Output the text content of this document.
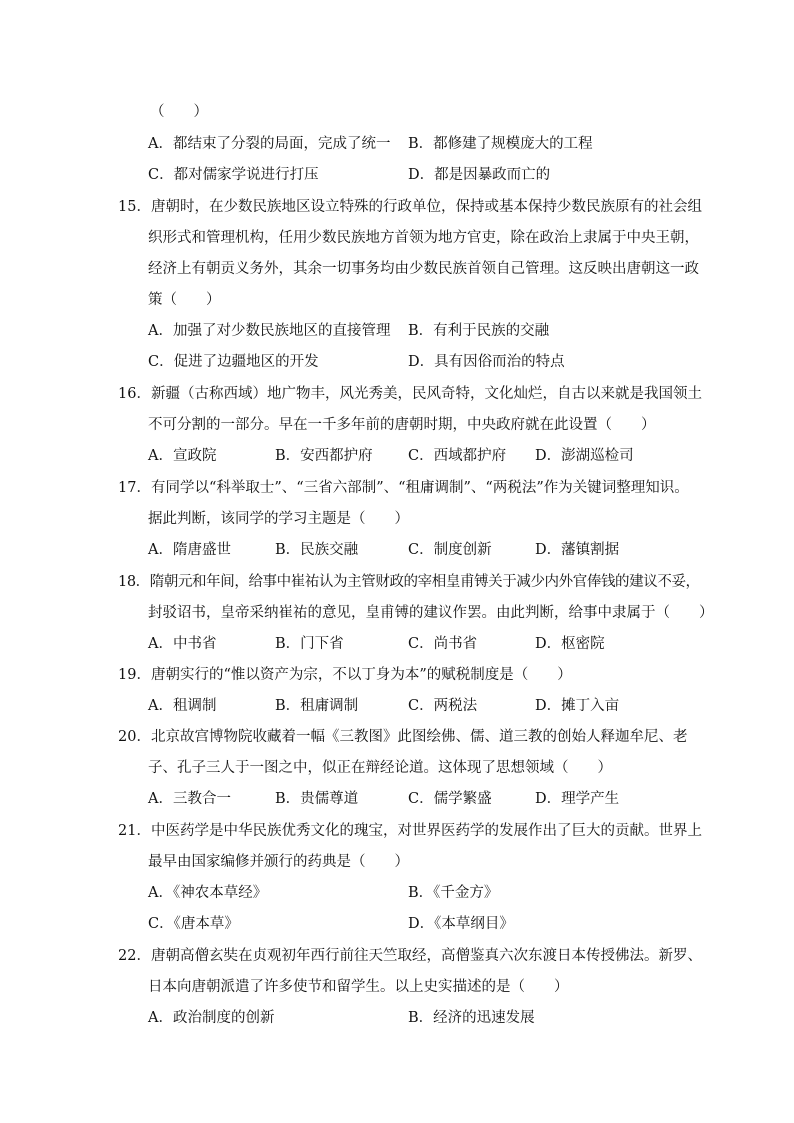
（　　）
A．都结束了分裂的局面，完成了统一 B．都修建了规模庞大的工程
C．都对儒家学说进行打压	D．都是因暴政而亡的
15．唐朝时，在少数民族地区设立特殊的行政单位，保持或基本保持少数民族原有的社会组
织形式和管理机构，任用少数民族地方首领为地方官吏，除在政治上隶属于中央王朝，
经济上有朝贡义务外，其余一切事务均由少数民族首领自己管理。这反映出唐朝这一政
策（　　）
A．加强了对少数民族地区的直接管理 B．有利于民族的交融
C．促进了边疆地区的开发	D．具有因俗而治的特点
16．新疆（古称西域）地广物丰，风光秀美，民风奇特，文化灿烂，自古以来就是我国领土
不可分割的一部分。早在一千多年前的唐朝时期，中央政府就在此设置（　　）
A．宣政院	B．安西都护府 C．西域都护府 D．澎湖巡检司
17．有同学以“科举取士”、“三省六部制”、“租庸调制”、“两税法”作为关键词整理知识。
据此判断，该同学的学习主题是（　　）
A．隋唐盛世	B．民族交融	C．制度创新	D．藩镇割据
18．隋朝元和年间，给事中崔祐认为主管财政的宰相皇甫镈关于减少内外官俸钱的建议不妥，
封驳诏书，皇帝采纳崔祐的意见，皇甫镈的建议作罢。由此判断，给事中隶属于（　　）
A．中书省	B．门下省	C．尚书省	D．枢密院
19．唐朝实行的“惟以资产为宗，不以丁身为本”的赋税制度是（　　）
A．租调制	B．租庸调制	C．两税法	D．摊丁入亩
20．北京故宫博物院收藏着一幅《三教图》此图绘佛、儒、道三教的创始人释迦牟尼、老
子、孔子三人于一图之中，似正在辩经论道。这体现了思想领域（　　）
A．三教合一	B．贵儒尊道	C．儒学繁盛	D．理学产生
21．中医药学是中华民族优秀文化的瑰宝，对世界医药学的发展作出了巨大的贡献。世界上
最早由国家编修并颁行的药典是（　　）
A．《神农本草经》	B．《千金方》
C．《唐本草》	D．《本草纲目》
22．唐朝高僧玄奘在贞观初年西行前往天竺取经，高僧鉴真六次东渡日本传授佛法。新罗、
日本向唐朝派遣了许多使节和留学生。以上史实描述的是（　　）
A．政治制度的创新	B．经济的迅速发展
